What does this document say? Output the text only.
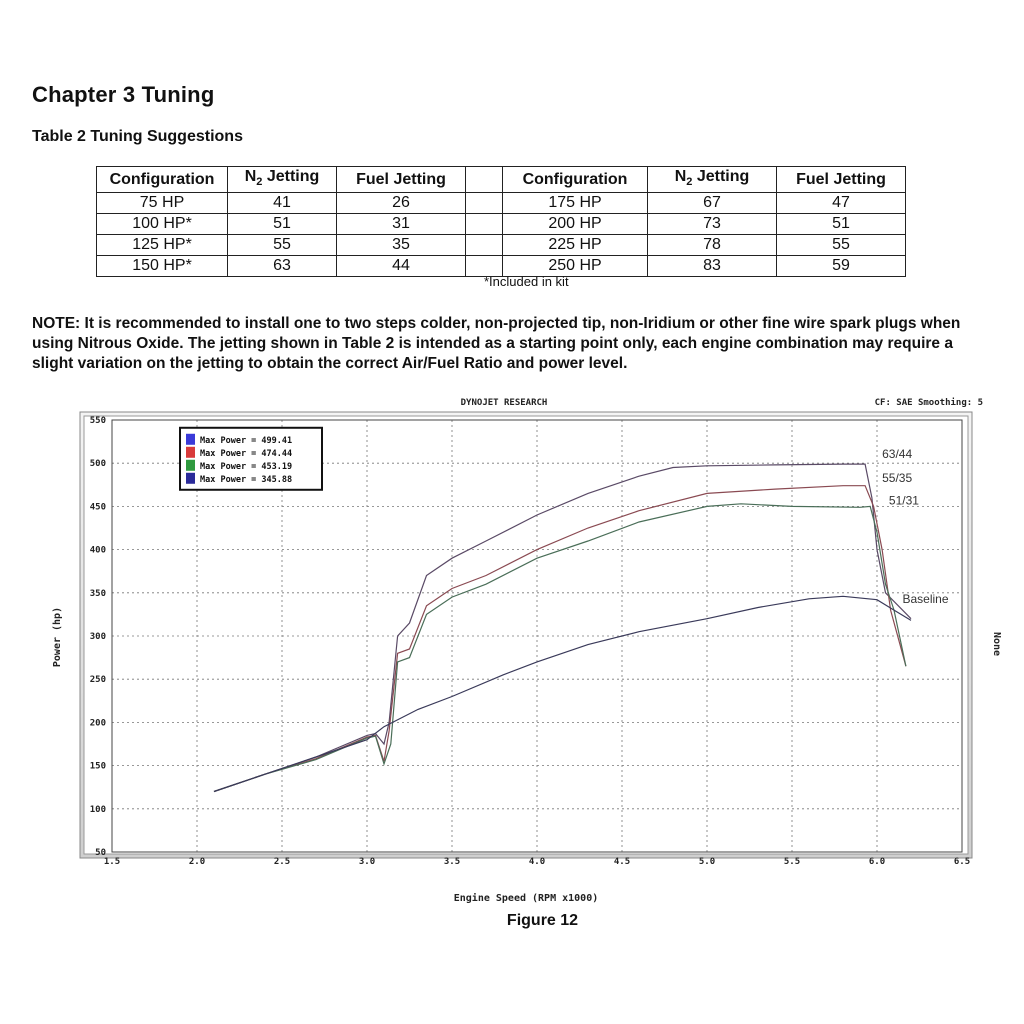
Chapter 3 Tuning
Table 2 Tuning Suggestions
Configuration	$N_2$ Jetting	Fuel Jetting		Configuration	$N_2$ Jetting	Fuel Jetting
75 HP	41	26		175 HP	67	47
100 HP*	51	31		200 HP	73	51
125 HP*	55	35		225 HP	78	55
150 HP*	63	44		250 HP	83	59
*Included in kit
NOTE: It is recommended to install one to two steps colder, non-projected tip, non-Iridium or other fine wire spark plugs when using Nitrous Oxide. The jetting shown in Table 2 is intended as a starting point only, each engine combination may require a slight variation on the jetting to obtain the correct Air/Fuel Ratio and power level.
1.5	2.0	2.5	3.0	3.5	4.0	4.5	5.0	5.5	6.0	6.5
50
100
150
200
250
300
350
400
450
500
550
Max Power = 499.41
Max Power = 474.44
Max Power = 453.19
Max Power = 345.88
63/44
55/35
51/31
Baseline
DYNOJET RESEARCH	CF: SAE Smoothing: 5
Engine Speed (RPM x1000)
Power (hp)	None
Figure 12
